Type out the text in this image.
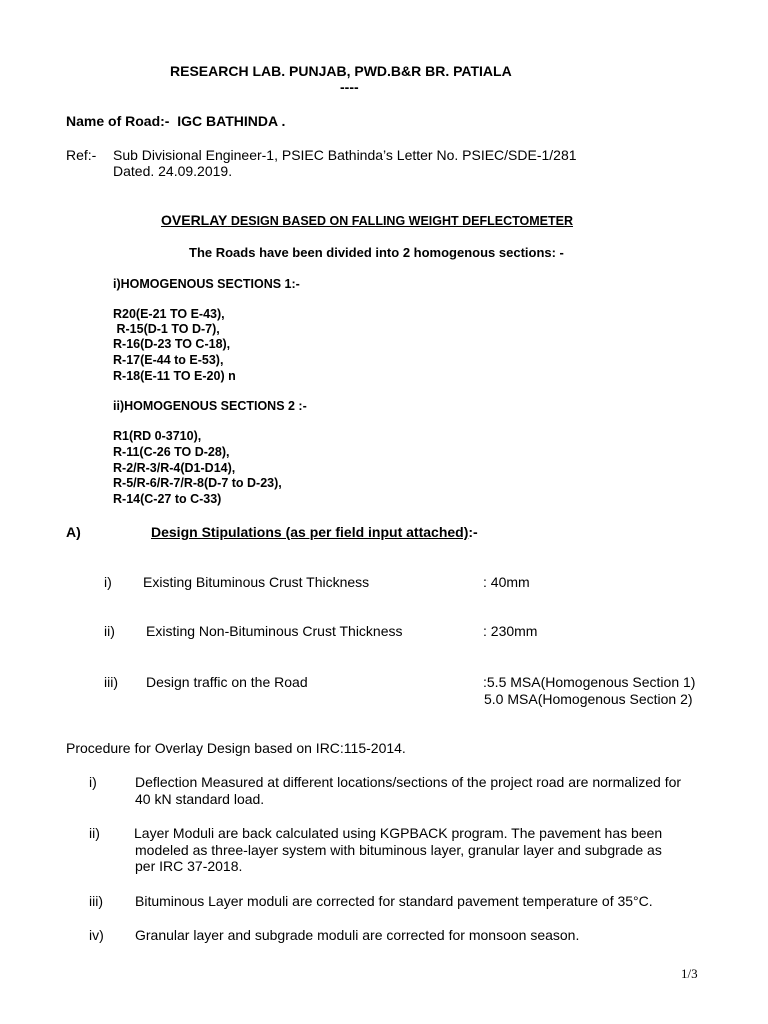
RESEARCH LAB. PUNJAB, PWD.B&R BR. PATIALA
----
Name of Road:- IGC BATHINDA .
Ref:- Sub Divisional Engineer-1, PSIEC Bathinda’s Letter No. PSIEC/SDE-1/281
Dated. 24.09.2019.
OVERLAY DESIGN BASED ON FALLING WEIGHT DEFLECTOMETER
The Roads have been divided into 2 homogenous sections: -
i)HOMOGENOUS SECTIONS 1:-
R20(E-21 TO E-43),
R-15(D-1 TO D-7),
R-16(D-23 TO C-18),
R-17(E-44 to E-53),
R-18(E-11 TO E-20) n
ii)HOMOGENOUS SECTIONS 2 :-
R1(RD 0-3710),
R-11(C-26 TO D-28),
R-2/R-3/R-4(D1-D14),
R-5/R-6/R-7/R-8(D-7 to D-23),
R-14(C-27 to C-33)
A)	Design Stipulations (as per field input attached):-
i) Existing Bituminous Crust Thickness	: 40mm
ii) Existing Non-Bituminous Crust Thickness	: 230mm
iii) Design traffic on the Road	:5.5 MSA(Homogenous Section 1)
5.0 MSA(Homogenous Section 2)
Procedure for Overlay Design based on IRC:115-2014.
i)	Deflection Measured at different locations/sections of the project road are normalized for
40 kN standard load.
ii) Layer Moduli are back calculated using KGPBACK program. The pavement has been
modeled as three-layer system with bituminous layer, granular layer and subgrade as
per IRC 37-2018.
iii) Bituminous Layer moduli are corrected for standard pavement temperature of 35°C.
iv) Granular layer and subgrade moduli are corrected for monsoon season.
1/3
